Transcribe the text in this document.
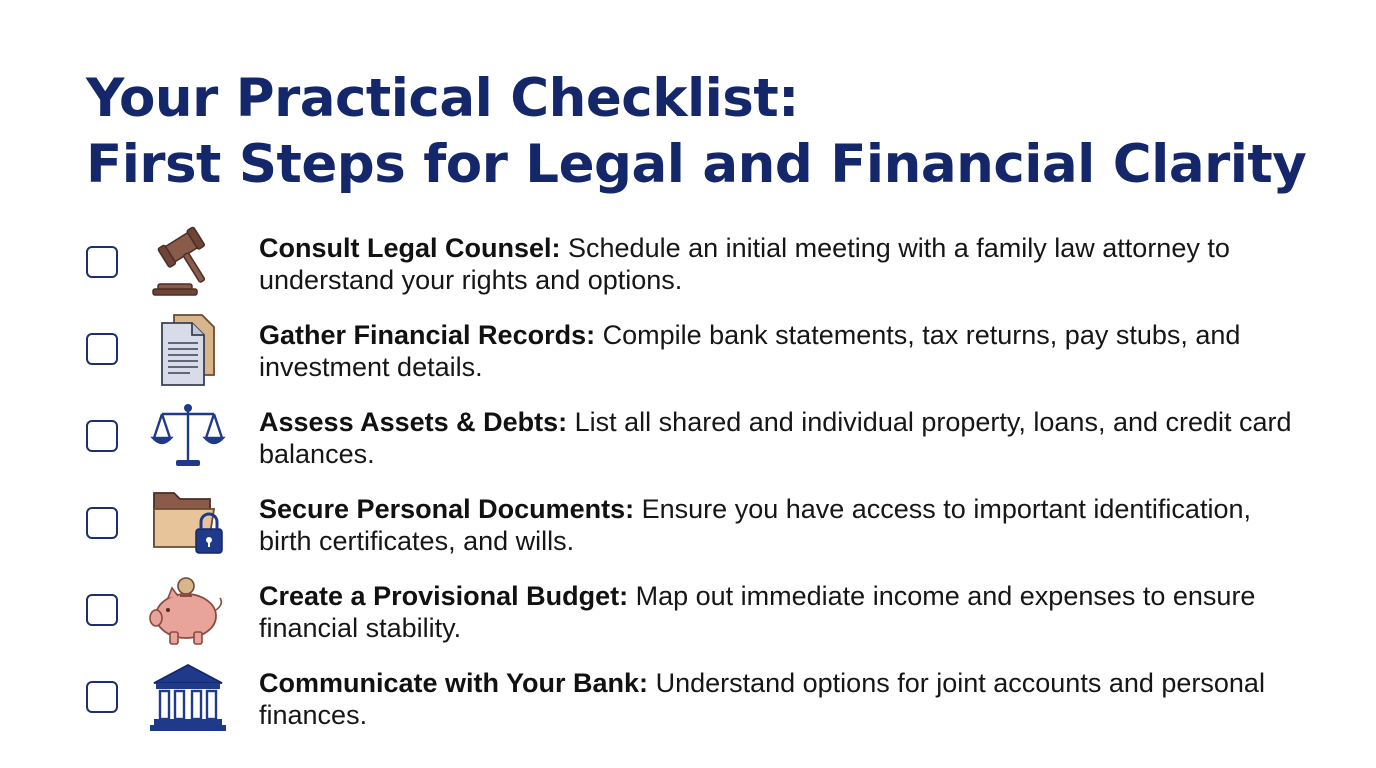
Your Practical Checklist:
First Steps for Legal and Financial Clarity
Consult Legal Counsel: Schedule an initial meeting with a family law attorney to understand your rights and options.
Gather Financial Records: Compile bank statements, tax returns, pay stubs, and investment details.
Assess Assets & Debts: List all shared and individual property, loans, and credit card balances.
Secure Personal Documents: Ensure you have access to important identification, birth certificates, and wills.
Create a Provisional Budget: Map out immediate income and expenses to ensure financial stability.
Communicate with Your Bank: Understand options for joint accounts and personal finances.
